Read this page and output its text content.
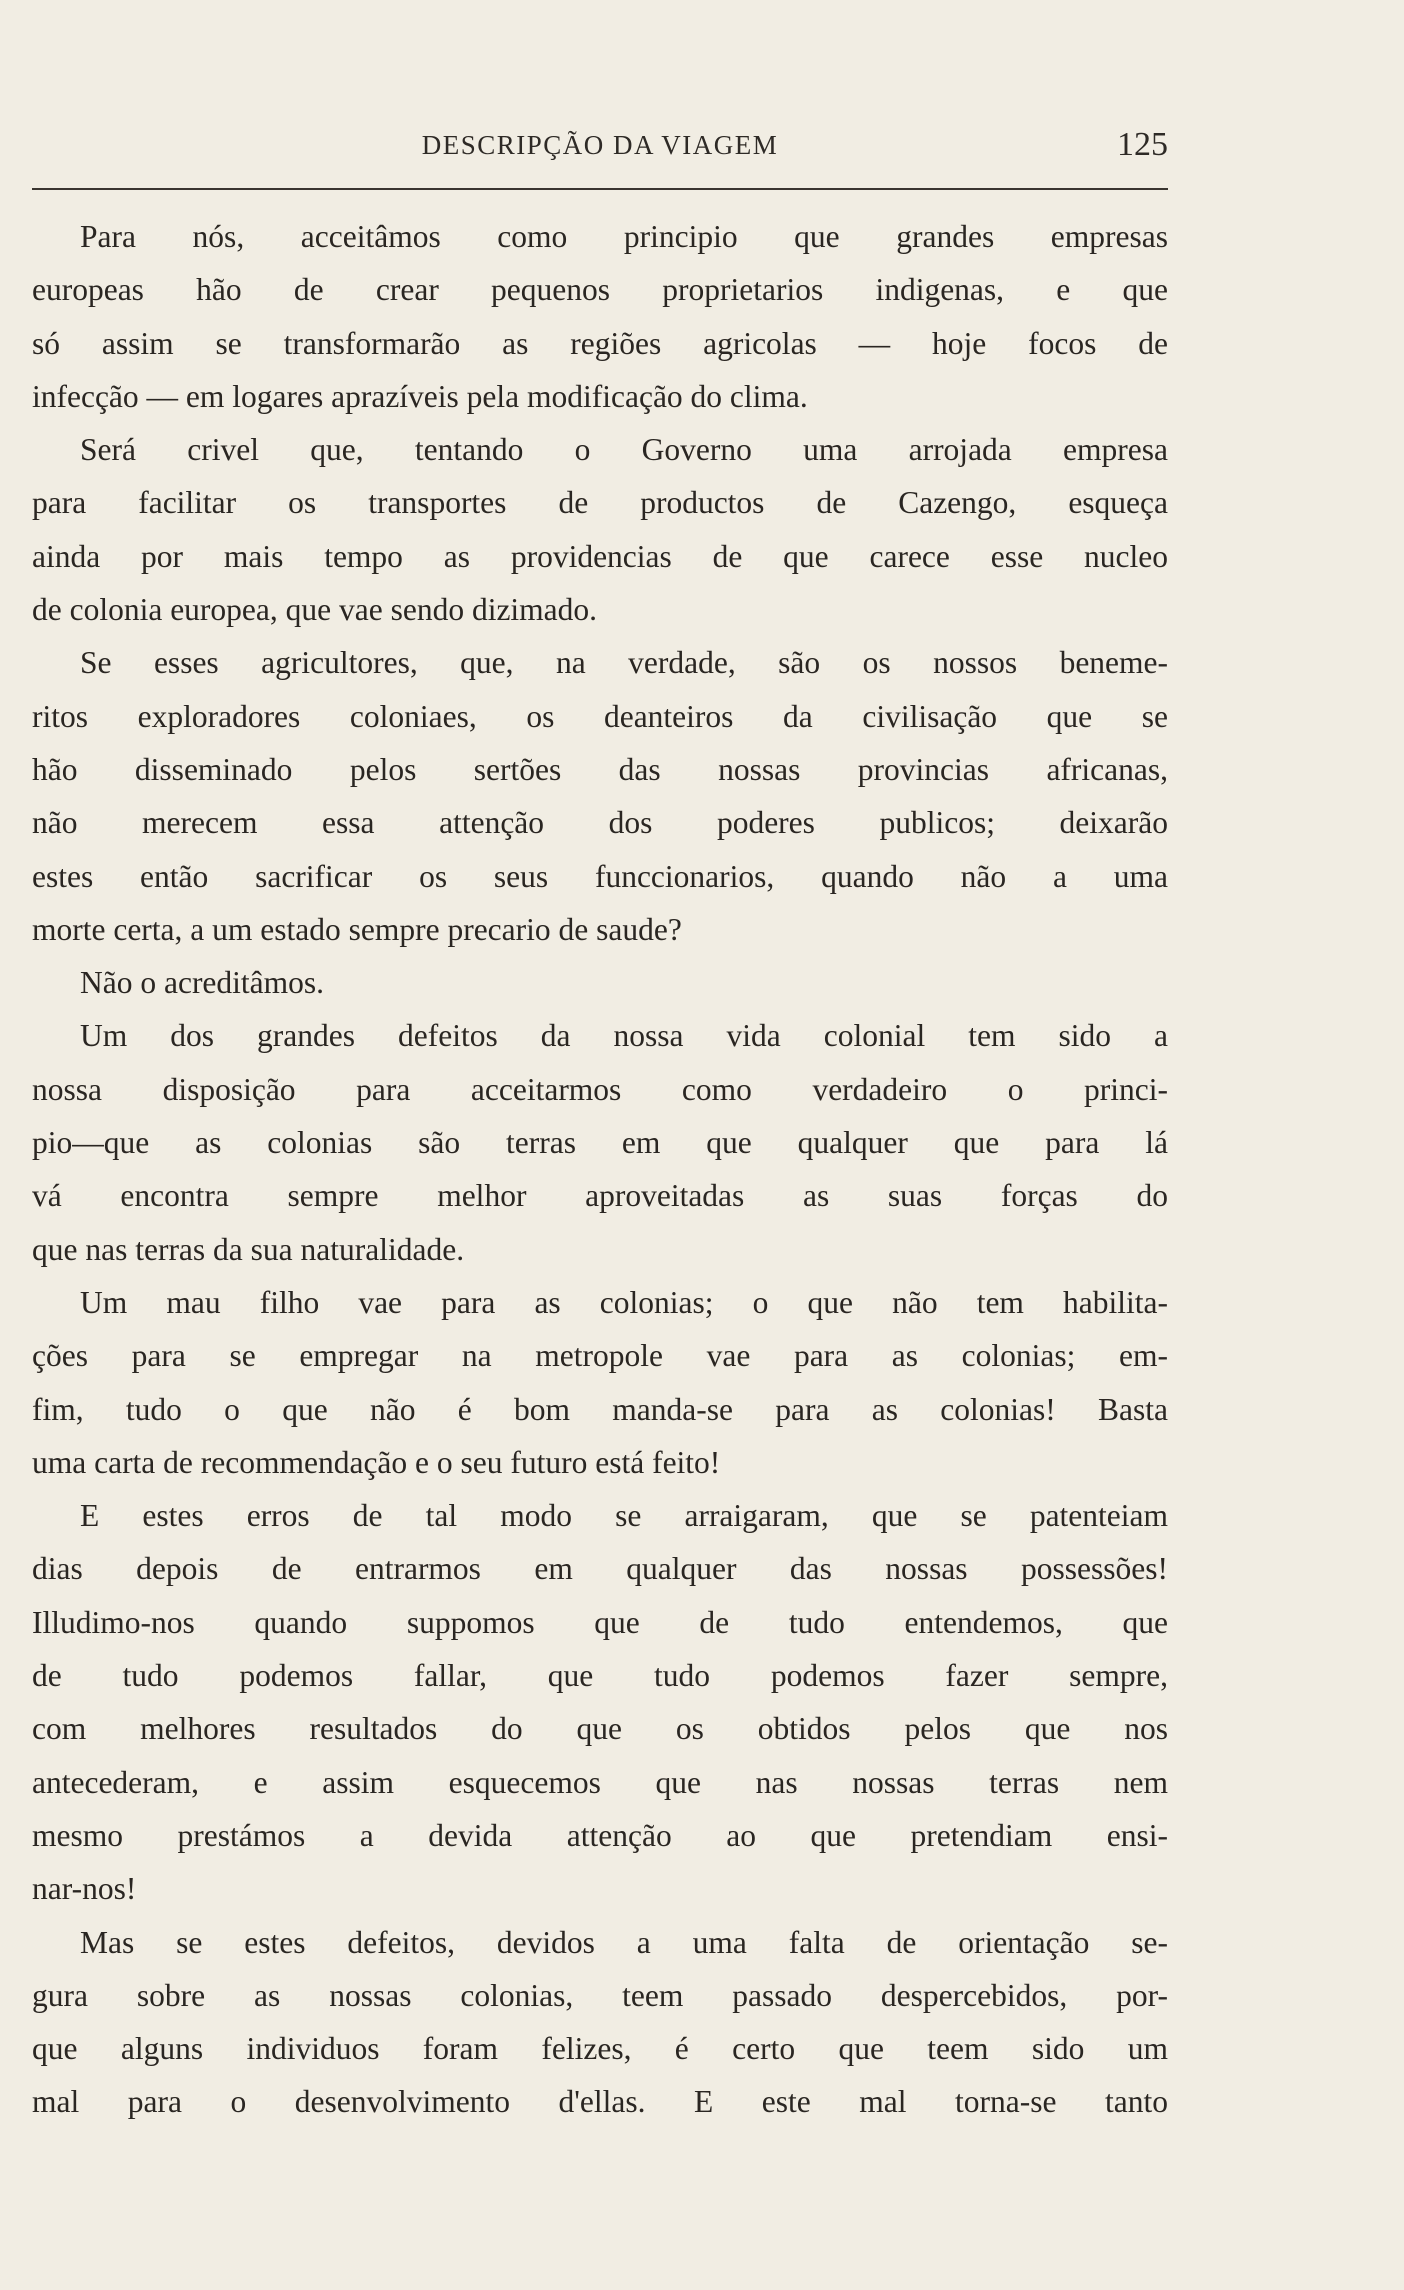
DESCRIPÇÃO DA VIAGEM	125
Para nós, acceitâmos como principio que grandes empresas
europeas hão de crear pequenos proprietarios indigenas, e que
só assim se transformarão as regiões agricolas — hoje focos de
infecção — em logares aprazíveis pela modificação do clima.
Será crivel que, tentando o Governo uma arrojada empresa
para facilitar os transportes de productos de Cazengo, esqueça
ainda por mais tempo as providencias de que carece esse nucleo
de colonia europea, que vae sendo dizimado.
Se esses agricultores, que, na verdade, são os nossos beneme-
ritos exploradores coloniaes, os deanteiros da civilisação que se
hão disseminado pelos sertões das nossas provincias africanas,
não merecem essa attenção dos poderes publicos; deixarão
estes então sacrificar os seus funccionarios, quando não a uma
morte certa, a um estado sempre precario de saude?
Não o acreditâmos.
Um dos grandes defeitos da nossa vida colonial tem sido a
nossa disposição para acceitarmos como verdadeiro o princi-
pio—que as colonias são terras em que qualquer que para lá
vá encontra sempre melhor aproveitadas as suas forças do
que nas terras da sua naturalidade.
Um mau filho vae para as colonias; o que não tem habilita-
ções para se empregar na metropole vae para as colonias; em-
fim, tudo o que não é bom manda-se para as colonias! Basta
uma carta de recommendação e o seu futuro está feito!
E estes erros de tal modo se arraigaram, que se patenteiam
dias depois de entrarmos em qualquer das nossas possessões!
Illudimo-nos quando suppomos que de tudo entendemos, que
de tudo podemos fallar, que tudo podemos fazer sempre,
com melhores resultados do que os obtidos pelos que nos
antecederam, e assim esquecemos que nas nossas terras nem
mesmo prestámos a devida attenção ao que pretendiam ensi-
nar-nos!
Mas se estes defeitos, devidos a uma falta de orientação se-
gura sobre as nossas colonias, teem passado despercebidos, por-
que alguns individuos foram felizes, é certo que teem sido um
mal para o desenvolvimento d'ellas. E este mal torna-se tanto
